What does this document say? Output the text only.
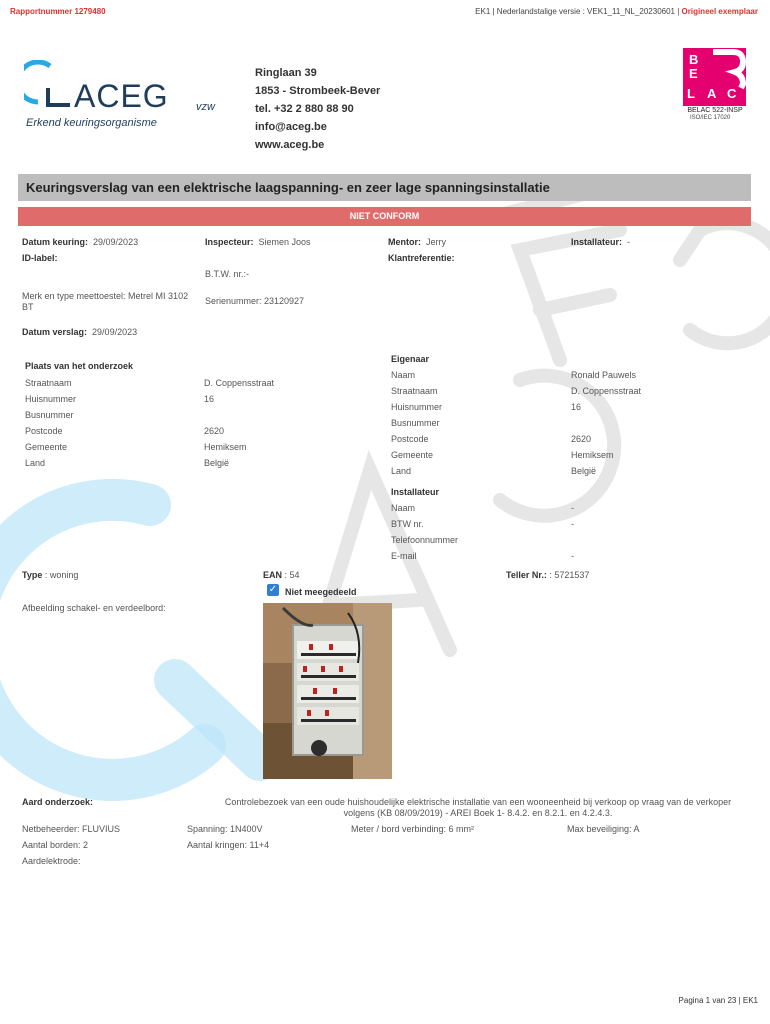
Rapportnummer 1279480	EK1 | Nederlandstalige versie : VEK1_11_NL_20230601 | Origineel exemplaar
ACEG vzw
Erkend keuringsorganisme
Ringlaan 39
1853 - Strombeek-Bever
tel. +32 2 880 88 90
info@aceg.be
www.aceg.be
B
E
L A C
BELAC 522-INSP
ISO/IEC 17020
Keuringsverslag van een elektrische laagspanning- en zeer lage spanningsinstallatie
NIET CONFORM
Datum keuring: 29/09/2023	Inspecteur: Siemen Joos	Mentor: Jerry	Installateur: -
ID-label:	Klantreferentie:
B.T.W. nr.:-
Merk en type meettoestel: Metrel MI 3102
BT
Serienummer: 23120927
Datum verslag: 29/09/2023
Plaats van het onderzoek
Straatnaam	D. Coppensstraat
Huisnummer	16
Busnummer
Postcode	2620
Gemeente	Hemiksem
Land	België
Eigenaar
Naam	Ronald Pauwels
Straatnaam	D. Coppensstraat
Huisnummer	16
Busnummer
Postcode	2620
Gemeente	Hemiksem
Land	België
Installateur
Naam	-
BTW nr.	-
Telefoonnummer
E-mail	-
Type : woning	EAN : 54	Teller Nr.: : 5721537
✓ Niet meegedeeld
Afbeelding schakel- en verdeelbord:
Aard onderzoek:	Controlebezoek van een oude huishoudelijke elektrische installatie van een wooneenheid bij verkoop op vraag van de verkoper
volgens (KB 08/09/2019) - AREI Boek 1- 8.4.2. en 8.2.1. en 4.2.4.3.
Netbeheerder: FLUVIUS	Spanning: 1N400V	Meter / bord verbinding: 6 mm²	Max beveiliging: A
Aantal borden: 2	Aantal kringen: 11+4
Aardelektrode:
Pagina 1 van 23 | EK1
